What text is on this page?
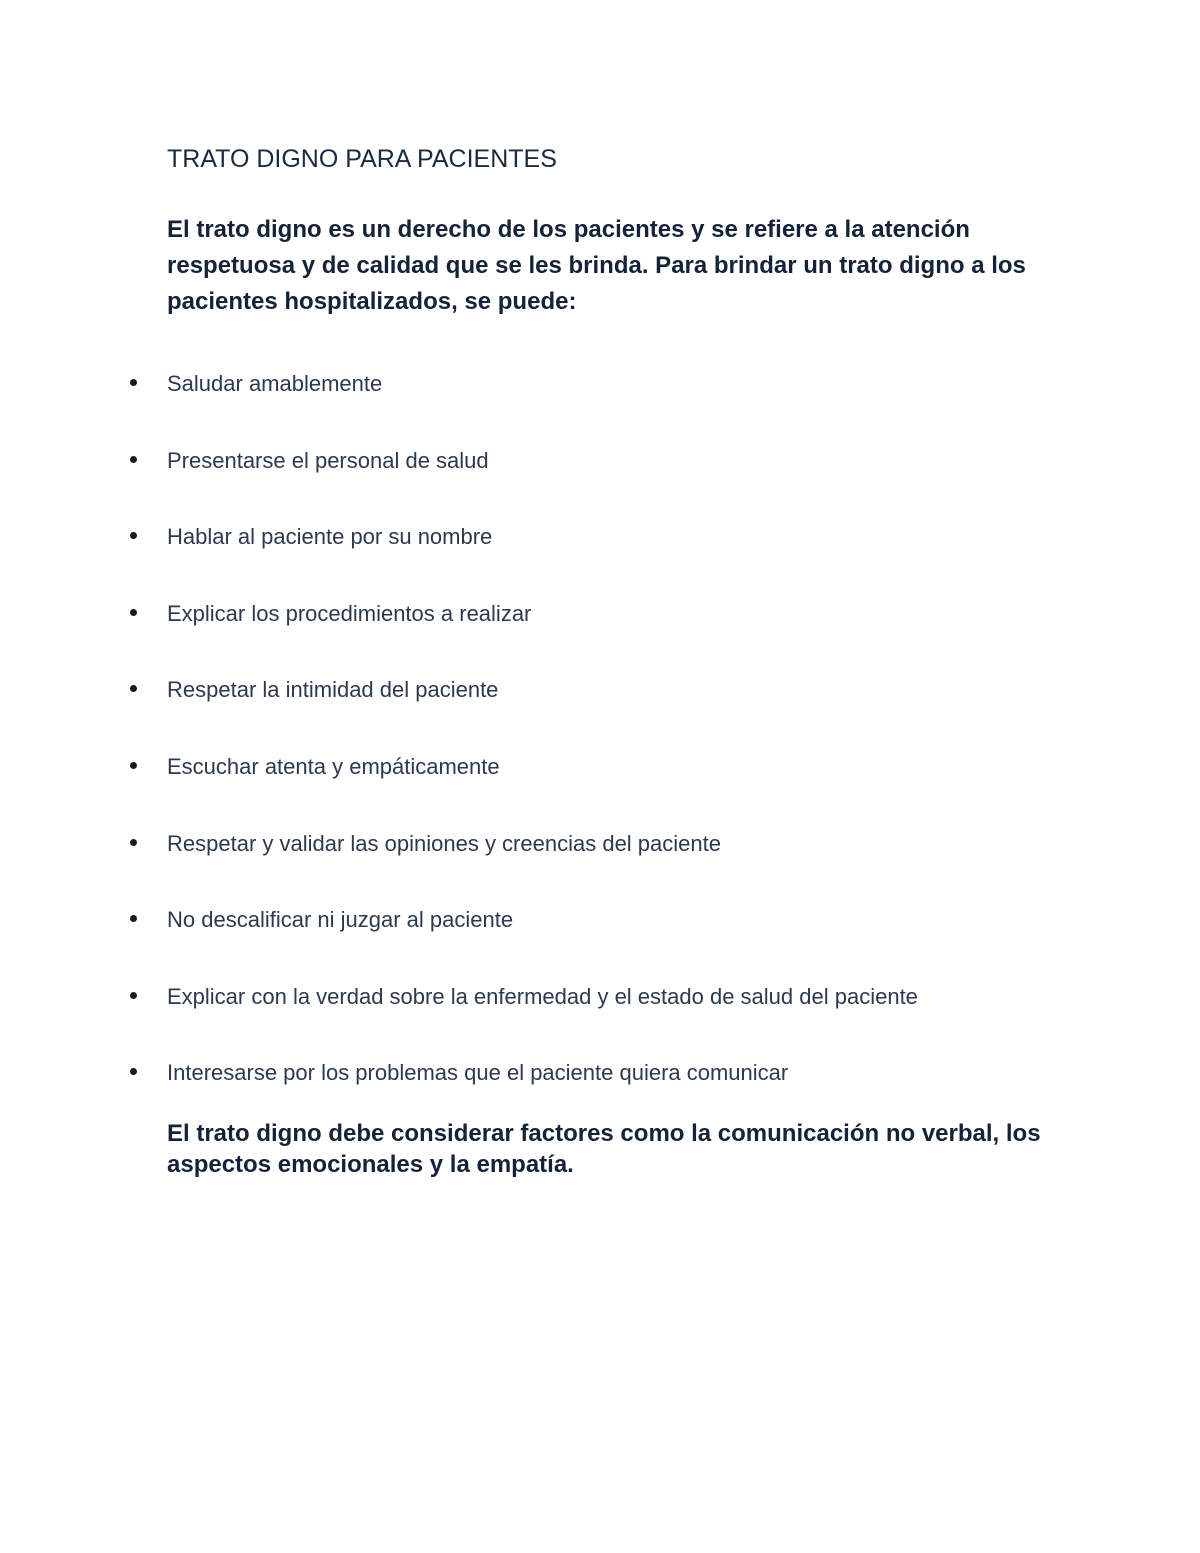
TRATO DIGNO PARA PACIENTES

El trato digno es un derecho de los pacientes y se refiere a la atención respetuosa y de calidad que se les brinda. Para brindar un trato digno a los pacientes hospitalizados, se puede:

Saludar amablemente
Presentarse el personal de salud
Hablar al paciente por su nombre
Explicar los procedimientos a realizar
Respetar la intimidad del paciente
Escuchar atenta y empáticamente
Respetar y validar las opiniones y creencias del paciente
No descalificar ni juzgar al paciente
Explicar con la verdad sobre la enfermedad y el estado de salud del paciente
Interesarse por los problemas que el paciente quiera comunicar

El trato digno debe considerar factores como la comunicación no verbal, los aspectos emocionales y la empatía.
